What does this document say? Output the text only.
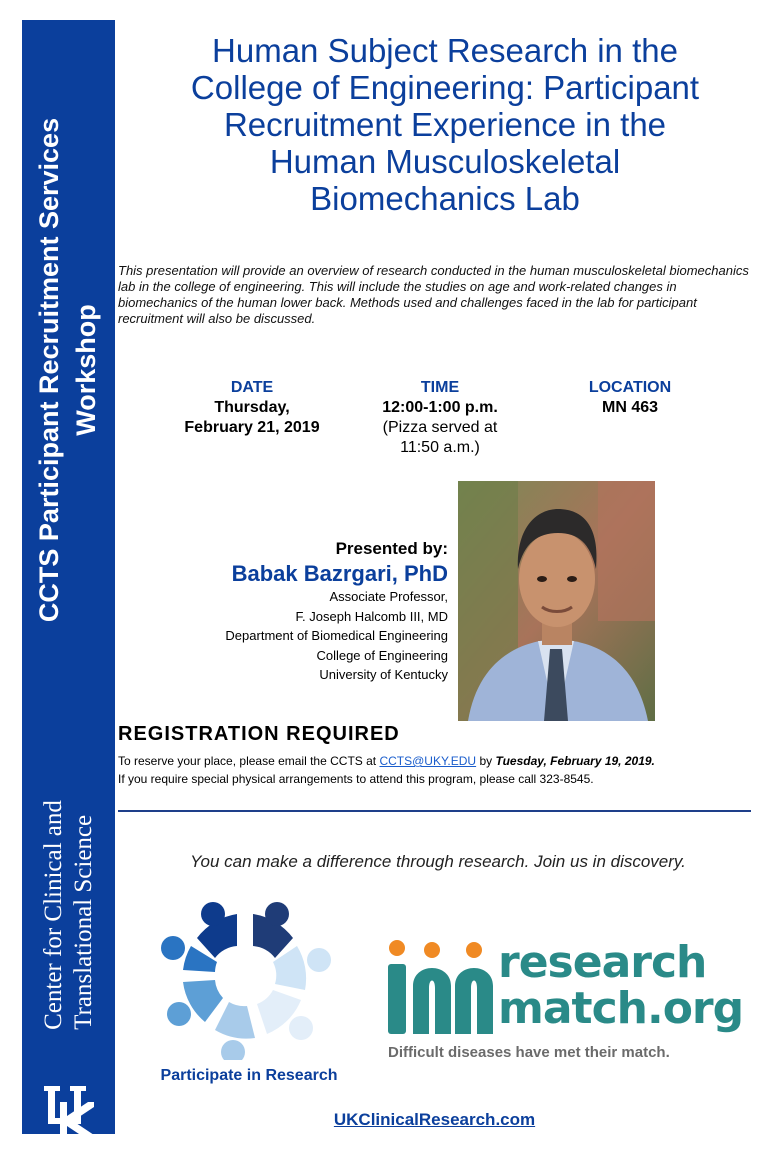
CCTS Participant Recruitment Services Workshop
Center for Clinical and Translational Science
Human Subject Research in the
College of Engineering: Participant
Recruitment Experience in the
Human Musculoskeletal
Biomechanics Lab

This presentation will provide an overview of research conducted in the human musculoskeletal biomechanics lab in the college of engineering. This will include the studies on age and work-related changes in biomechanics of the human lower back. Methods used and challenges faced in the lab for participant recruitment will also be discussed.

DATE
Thursday,
February 21, 2019
TIME
12:00-1:00 p.m.
(Pizza served at
11:50 a.m.)
LOCATION
MN 463
Presented by:
Babak Bazrgari, PhD
Associate Professor,
F. Joseph Halcomb III, MD
Department of Biomedical Engineering
College of Engineering
University of Kentucky
REGISTRATION REQUIRED
To reserve your place, please email the CCTS at CCTS@UKY.EDU by Tuesday, February 19, 2019.
If you require special physical arrangements to attend this program, please call 323-8545.
You can make a difference through research. Join us in discovery.
Participate in Research
research
match.org
Difficult diseases have met their match.
UKClinicalResearch.com
